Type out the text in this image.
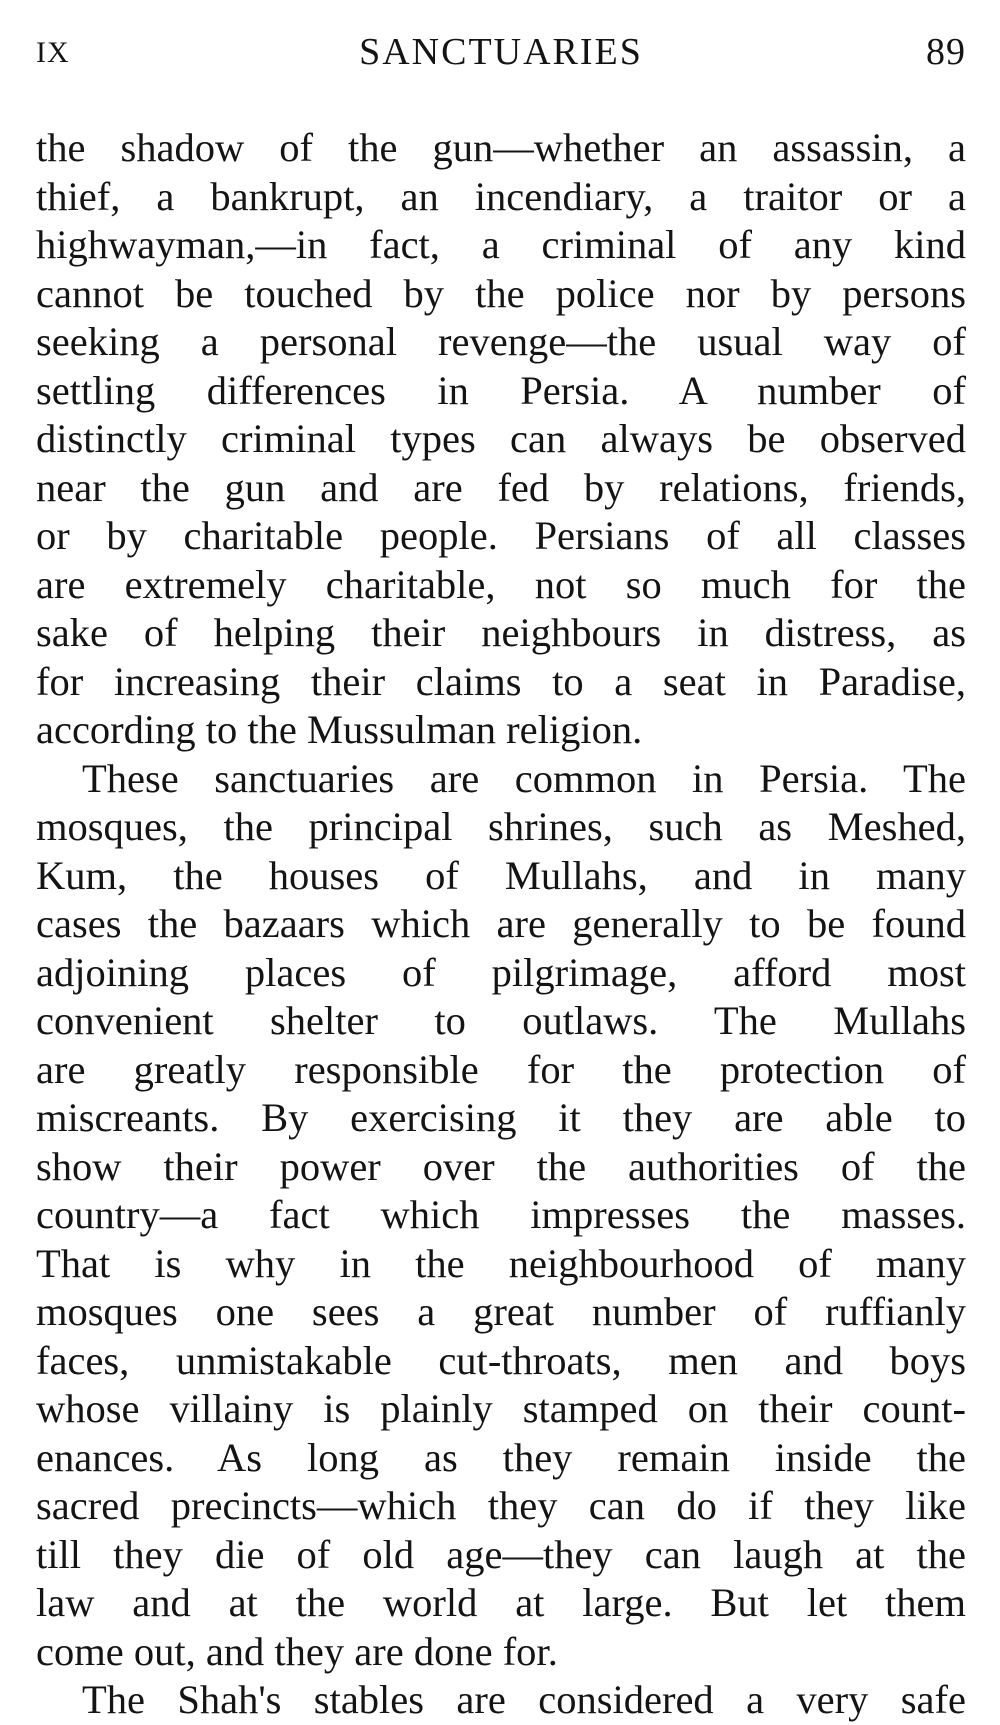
IX	SANCTUARIES	89
the shadow of the gun—whether an assassin, a
thief, a bankrupt, an incendiary, a traitor or a
highwayman,—in fact, a criminal of any kind
cannot be touched by the police nor by persons
seeking a personal revenge—the usual way of
settling differences in Persia. A number of
distinctly criminal types can always be observed
near the gun and are fed by relations, friends,
or by charitable people. Persians of all classes
are extremely charitable, not so much for the
sake of helping their neighbours in distress, as
for increasing their claims to a seat in Paradise,
according to the Mussulman religion.
These sanctuaries are common in Persia. The
mosques, the principal shrines, such as Meshed,
Kum, the houses of Mullahs, and in many
cases the bazaars which are generally to be found
adjoining places of pilgrimage, afford most
convenient shelter to outlaws. The Mullahs
are greatly responsible for the protection of
miscreants. By exercising it they are able to
show their power over the authorities of the
country—a fact which impresses the masses.
That is why in the neighbourhood of many
mosques one sees a great number of ruffianly
faces, unmistakable cut-throats, men and boys
whose villainy is plainly stamped on their count-
enances. As long as they remain inside the
sacred precincts—which they can do if they like
till they die of old age—they can laugh at the
law and at the world at large. But let them
come out, and they are done for.
The Shah's stables are considered a very safe
